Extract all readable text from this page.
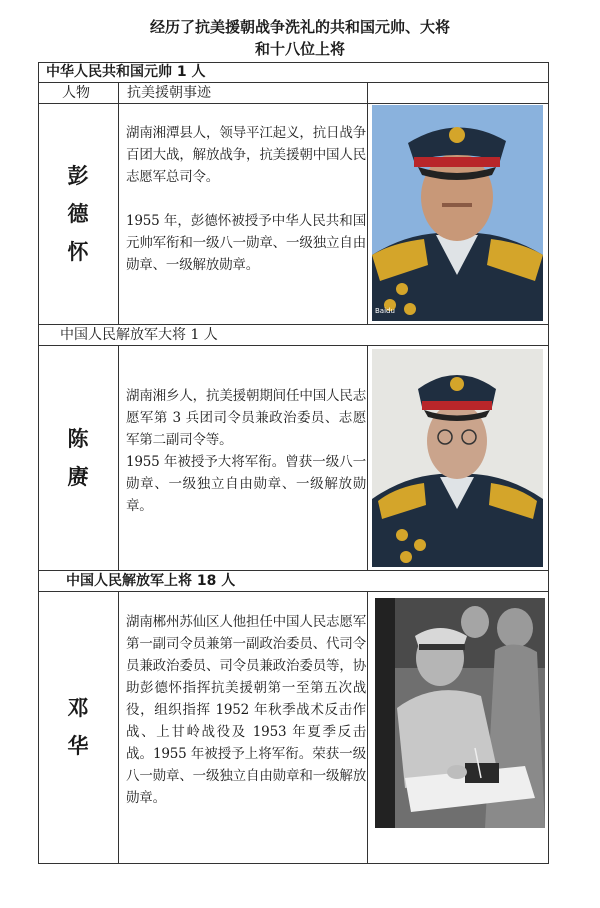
经历了抗美援朝战争洗礼的共和国元帅、大将
和十八位上将
中华人民共和国元帅 1 人
中国人民解放军大将 1 人
中国人民解放军上将 18 人
人物	抗美援朝事迹
彭
德
怀

湖南湘潭县人，领导平江起义，抗日战争百团大战，解放战争，抗美援朝中国人民志愿军总司令。

1955 年，彭德怀被授予中华人民共和国元帅军衔和一级八一勋章、一级独立自由勋章、一级解放勋章。

Baidu
陈
赓

湖南湘乡人，抗美援朝期间任中国人民志愿军第 3 兵团司令员兼政治委员、志愿军第二副司令等。

1955 年被授予大将军衔。曾获一级八一勋章、一级独立自由勋章、一级解放勋章。

邓
华

湖南郴州苏仙区人他担任中国人民志愿军第一副司令员兼第一副政治委员、代司令员兼政治委员、司令员兼政治委员等，协助彭德怀指挥抗美援朝第一至第五次战役，组织指挥 1952 年秋季战术反击作战、上甘岭战役及 1953 年夏季反击战。1955 年被授予上将军衔。荣获一级八一勋章、一级独立自由勋章和一级解放勋章。
